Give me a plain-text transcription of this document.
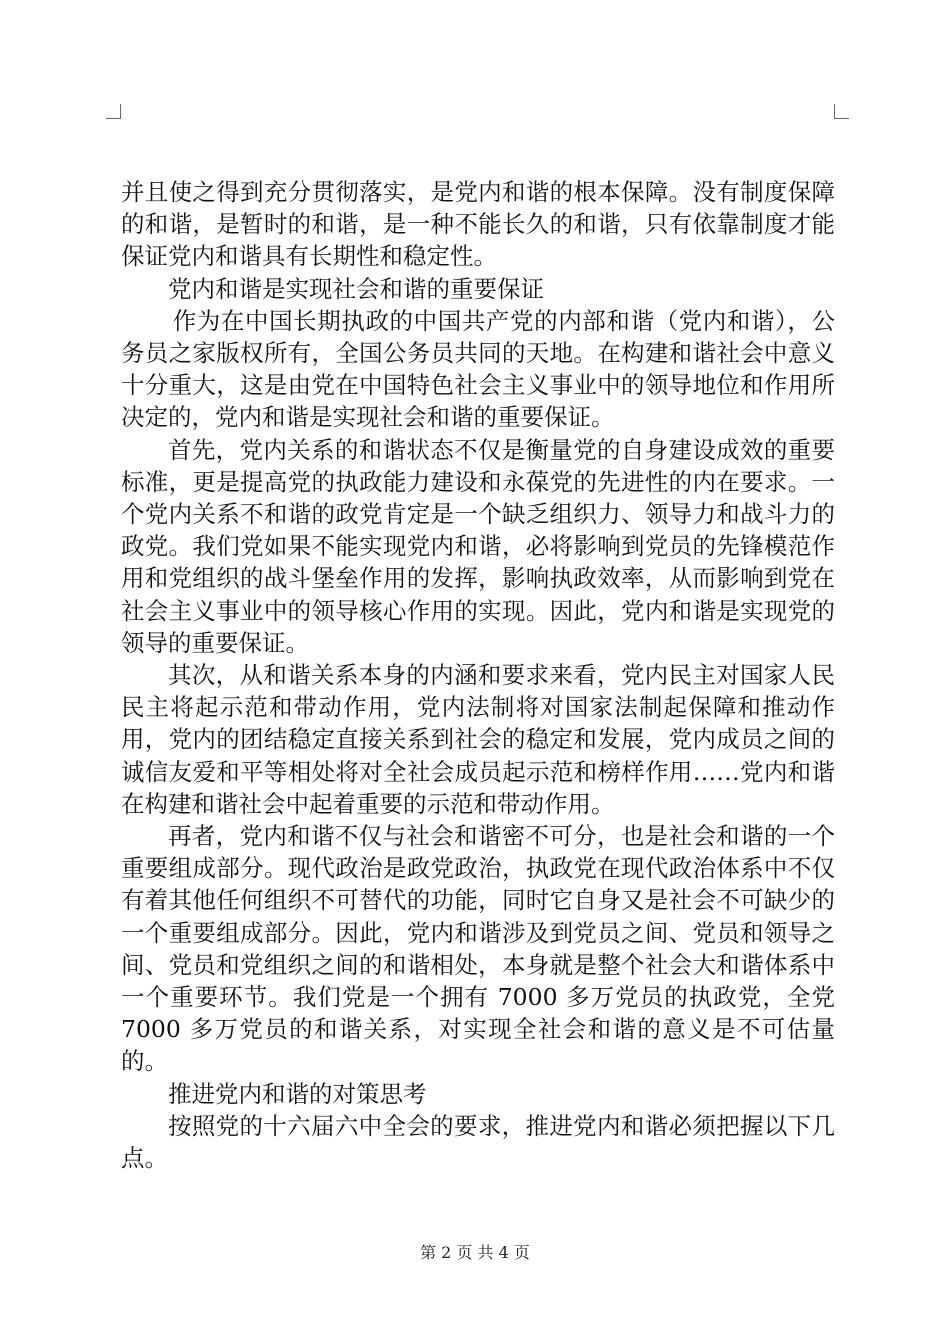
并且使之得到充分贯彻落实，是党内和谐的根本保障。没有制度保障的和谐，是暂时的和谐，是一种不能长久的和谐，只有依靠制度才能保证党内和谐具有长期性和稳定性。

党内和谐是实现社会和谐的重要保证

作为在中国长期执政的中国共产党的内部和谐（党内和谐），公务员之家版权所有，全国公务员共同的天地。在构建和谐社会中意义十分重大，这是由党在中国特色社会主义事业中的领导地位和作用所决定的，党内和谐是实现社会和谐的重要保证。

首先，党内关系的和谐状态不仅是衡量党的自身建设成效的重要标准，更是提高党的执政能力建设和永葆党的先进性的内在要求。一个党内关系不和谐的政党肯定是一个缺乏组织力、领导力和战斗力的政党。我们党如果不能实现党内和谐，必将影响到党员的先锋模范作用和党组织的战斗堡垒作用的发挥，影响执政效率，从而影响到党在社会主义事业中的领导核心作用的实现。因此，党内和谐是实现党的领导的重要保证。

其次，从和谐关系本身的内涵和要求来看，党内民主对国家人民民主将起示范和带动作用，党内法制将对国家法制起保障和推动作用，党内的团结稳定直接关系到社会的稳定和发展，党内成员之间的诚信友爱和平等相处将对全社会成员起示范和榜样作用……党内和谐在构建和谐社会中起着重要的示范和带动作用。

再者，党内和谐不仅与社会和谐密不可分，也是社会和谐的一个重要组成部分。现代政治是政党政治，执政党在现代政治体系中不仅有着其他任何组织不可替代的功能，同时它自身又是社会不可缺少的一个重要组成部分。因此，党内和谐涉及到党员之间、党员和领导之间、党员和党组织之间的和谐相处，本身就是整个社会大和谐体系中一个重要环节。我们党是一个拥有 7000 多万党员的执政党，全党 7000 多万党员的和谐关系，对实现全社会和谐的意义是不可估量的。

推进党内和谐的对策思考

按照党的十六届六中全会的要求，推进党内和谐必须把握以下几点。

第 2 页 共 4 页
